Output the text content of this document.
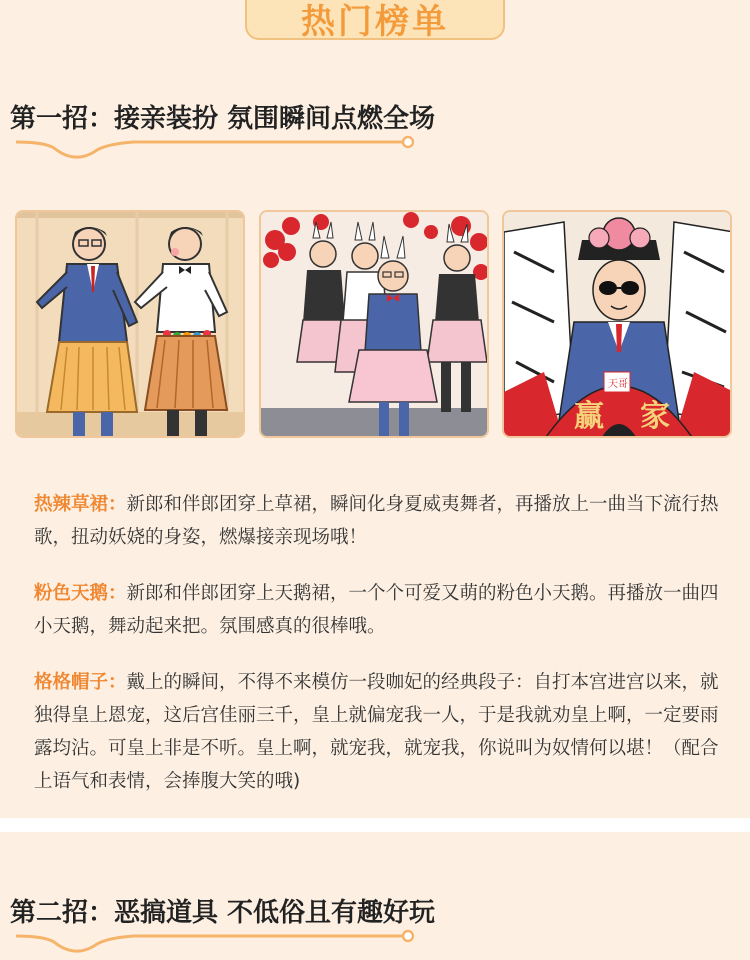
热门榜单
第一招：接亲装扮 氛围瞬间点燃全场
赢 家
天哥
热辣草裙：新郎和伴郎团穿上草裙，瞬间化身夏威夷舞者，再播放上一曲当下流行热歌，扭动妖娆的身姿，燃爆接亲现场哦！
粉色天鹅：新郎和伴郎团穿上天鹅裙，一个个可爱又萌的粉色小天鹅。再播放一曲四小天鹅，舞动起来把。氛围感真的很棒哦。
格格帽子：戴上的瞬间，不得不来模仿一段咖妃的经典段子：自打本宫进宫以来，就独得皇上恩宠，这后宫佳丽三千，皇上就偏宠我一人，于是我就劝皇上啊，一定要雨露均沾。可皇上非是不听。皇上啊，就宠我，就宠我，你说叫为奴情何以堪！（配合上语气和表情，会捧腹大笑的哦)
第二招：恶搞道具 不低俗且有趣好玩
